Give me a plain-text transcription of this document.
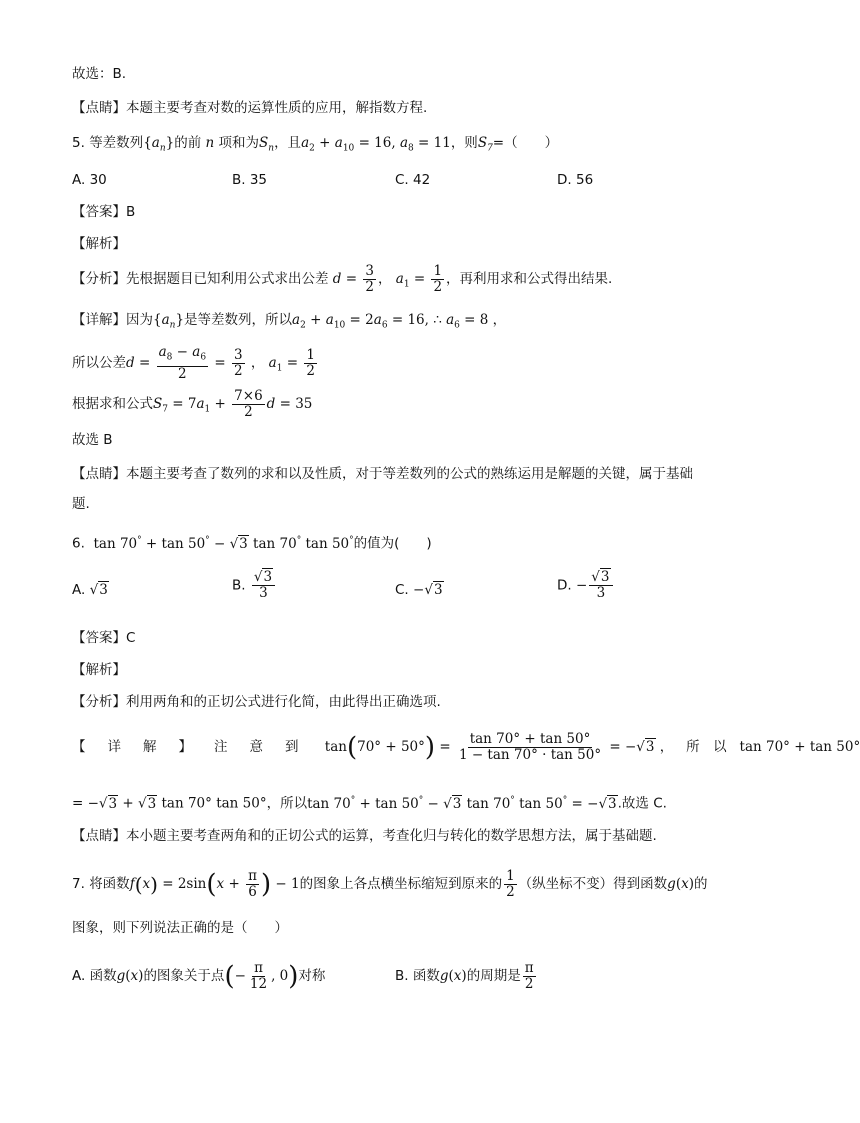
故选：B.
【点睛】本题主要考查对数的运算性质的应用，解指数方程.
5. 等差数列$\{a_n\}$的前 n 项和为$S_n$，且$a_2 + a_{10} = 16$, $a_8 = 11$，则$S_7=$（　　）
A. 30	B. 35	C. 42	D. 56
【答案】B
【解析】
【分析】先根据题目已知利用公式求出公差 $d = \frac{3}{2}$ ， $a_1 = \frac{1}{2}$ ，再利用求和公式得出结果.
【详解】因为$\{a_n\}$是等差数列，所以$a_2 + a_{10} = 2a_6 = 16$, ∴ $a_6 = 8$ ，
所以公差$d = \frac{a_8 - a_6}{2} = \frac{3}{2}$ ， $a_1 = \frac{1}{2}$
根据求和公式$S_7 = 7a_1 + \frac{7\times 6}{2}$ d = 35
故选 B
【点睛】本题主要考查了数列的求和以及性质，对于等差数列的公式的熟练运用是解题的关键，属于基础
题.
6.  tan 70° + tan 50° − √3 tan 70° tan 50°的值为(　　)
A. √3	B. $\frac{√3}{3}$	C. −√3	D. − $\frac{√3}{3}$
【答案】C
【解析】
【分析】利用两角和的正切公式进行化简，由此得出正确选项.
【 详 解 】 注 意 到 $\tan(70^\circ + 50^\circ) = \frac{\tan 70^\circ + \tan 50^\circ}{1 - \tan 70^\circ \cdot \tan 50^\circ} = -√3$ ，   所　以 tan 70° + tan 50°
= −√3 + √3 tan 70° tan 50°，所以tan 70° + tan 50° − √3 tan 70° tan 50° = −√3.故选 C.
【点睛】本小题主要考查两角和的正切公式的运算，考查化归与转化的数学思想方法，属于基础题.
7. 将函数$f(x) = 2\sin(x + \frac{\pi}{6}$ ) − 1的图象上各点横坐标缩短到原来的 $\frac{1}{2}$ （纵坐标不变）得到函数g(x)的
图象，则下列说法正确的是（　　）
A. 函数g(x)的图象关于点(− $\frac{\pi}{12}$ , 0)对称	B. 函数g(x)的周期是 $\frac{\pi}{2}$
